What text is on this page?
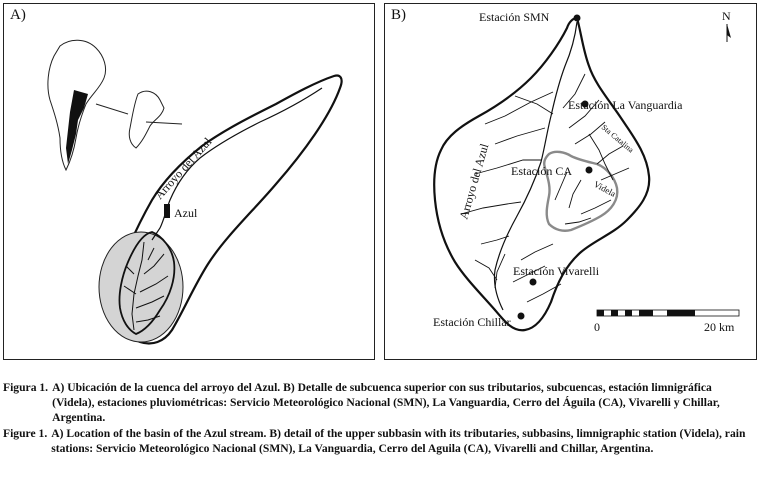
A)
Arroyo del Azul
Azul
B)	Estación SMN
Estación La Vanguardia
Estación CA
Estación Vivarelli
Estación Chillar
Sta Catalina
Videla
Arroyo del Azul
N
0	20 km
Figura 1. A) Ubicación de la cuenca del arroyo del Azul. B) Detalle de subcuenca superior con sus tributarios, subcuencas, estación limnigráfica (Videla), estaciones pluviométricas: Servicio Meteorológico Nacional (SMN), La Vanguardia, Cerro del Águila (CA), Vivarelli y Chillar, Argentina.
Figure 1. A) Location of the basin of the Azul stream. B) detail of the upper subbasin with its tributaries, subbasins, limnigraphic station (Videla), rain stations: Servicio Meteorológico Nacional (SMN), La Vanguardia, Cerro del Aguila (CA), Vivarelli and Chillar, Argentina.
